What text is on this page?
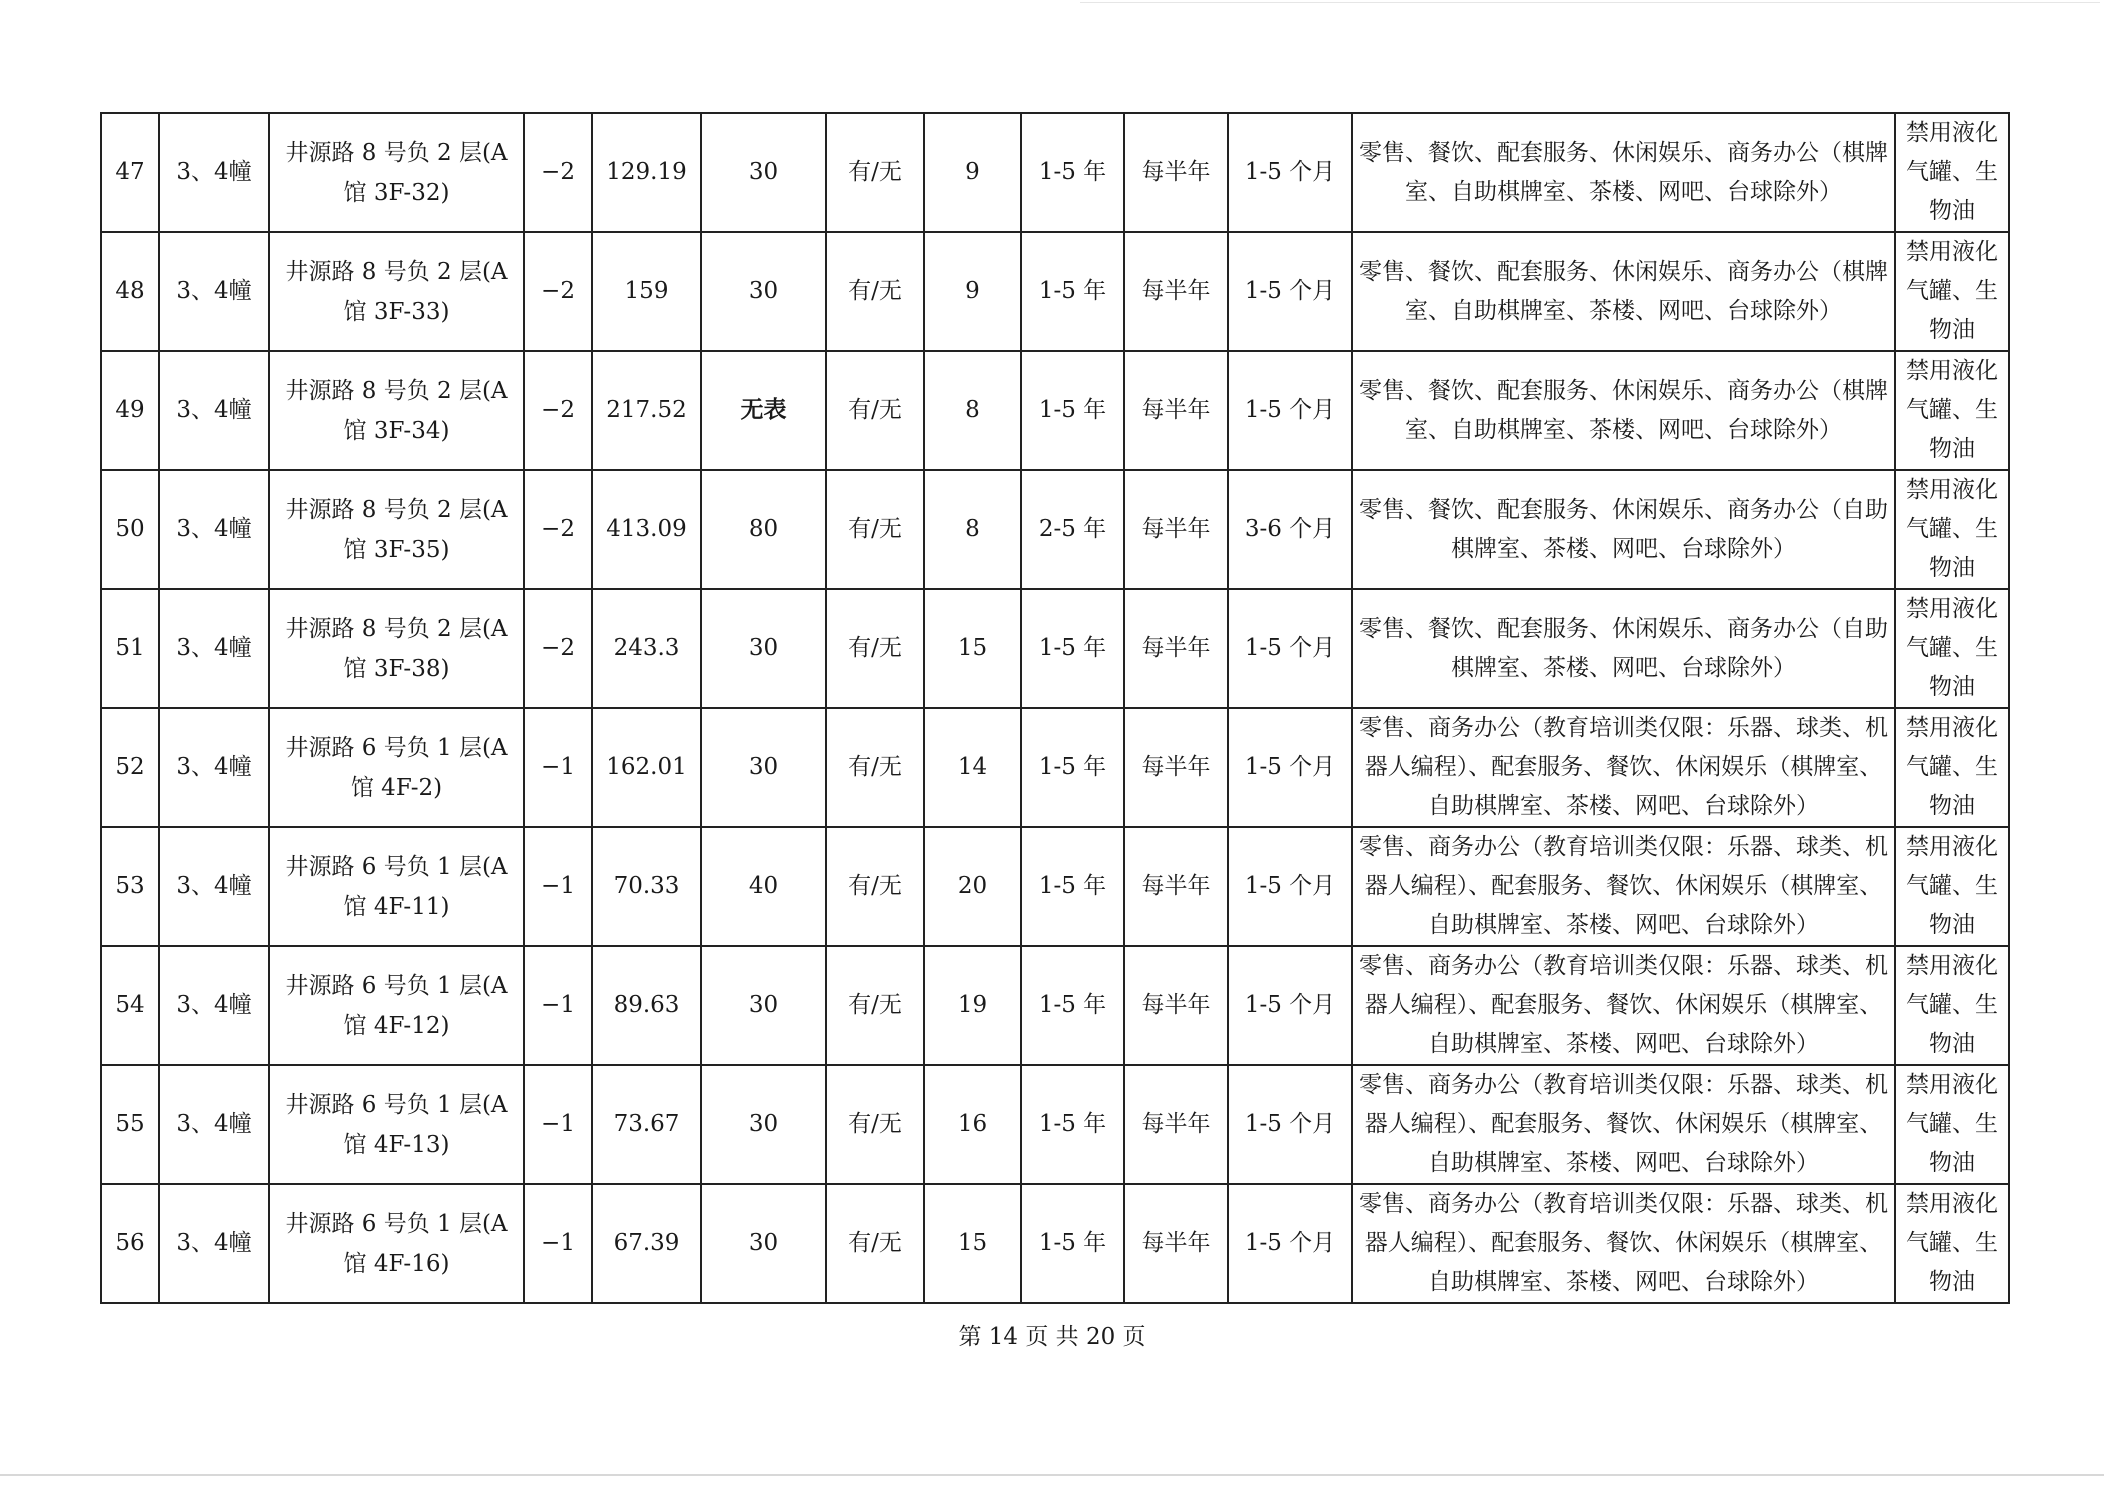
47	3、4幢	井源路 8 号负 2 层(A 馆 3F-32)	−2	129.19	30	有/无	9	1-5 年	每半年	1-5 个月	零售、餐饮、配套服务、休闲娱乐、商务办公（棋牌室、自助棋牌室、茶楼、网吧、台球除外）	禁用液化气罐、生物油
48	3、4幢	井源路 8 号负 2 层(A 馆 3F-33)	−2	159	30	有/无	9	1-5 年	每半年	1-5 个月	零售、餐饮、配套服务、休闲娱乐、商务办公（棋牌室、自助棋牌室、茶楼、网吧、台球除外）	禁用液化气罐、生物油
49	3、4幢	井源路 8 号负 2 层(A 馆 3F-34)	−2	217.52	无表	有/无	8	1-5 年	每半年	1-5 个月	零售、餐饮、配套服务、休闲娱乐、商务办公（棋牌室、自助棋牌室、茶楼、网吧、台球除外）	禁用液化气罐、生物油
50	3、4幢	井源路 8 号负 2 层(A 馆 3F-35)	−2	413.09	80	有/无	8	2-5 年	每半年	3-6 个月	零售、餐饮、配套服务、休闲娱乐、商务办公（自助棋牌室、茶楼、网吧、台球除外）	禁用液化气罐、生物油
51	3、4幢	井源路 8 号负 2 层(A 馆 3F-38)	−2	243.3	30	有/无	15	1-5 年	每半年	1-5 个月	零售、餐饮、配套服务、休闲娱乐、商务办公（自助棋牌室、茶楼、网吧、台球除外）	禁用液化气罐、生物油
52	3、4幢	井源路 6 号负 1 层(A 馆 4F-2)	−1	162.01	30	有/无	14	1-5 年	每半年	1-5 个月	零售、商务办公（教育培训类仅限：乐器、球类、机器人编程）、配套服务、餐饮、休闲娱乐（棋牌室、自助棋牌室、茶楼、网吧、台球除外）	禁用液化气罐、生物油
53	3、4幢	井源路 6 号负 1 层(A 馆 4F-11)	−1	70.33	40	有/无	20	1-5 年	每半年	1-5 个月	零售、商务办公（教育培训类仅限：乐器、球类、机器人编程）、配套服务、餐饮、休闲娱乐（棋牌室、自助棋牌室、茶楼、网吧、台球除外）	禁用液化气罐、生物油
54	3、4幢	井源路 6 号负 1 层(A 馆 4F-12)	−1	89.63	30	有/无	19	1-5 年	每半年	1-5 个月	零售、商务办公（教育培训类仅限：乐器、球类、机器人编程）、配套服务、餐饮、休闲娱乐（棋牌室、自助棋牌室、茶楼、网吧、台球除外）	禁用液化气罐、生物油
55	3、4幢	井源路 6 号负 1 层(A 馆 4F-13)	−1	73.67	30	有/无	16	1-5 年	每半年	1-5 个月	零售、商务办公（教育培训类仅限：乐器、球类、机器人编程）、配套服务、餐饮、休闲娱乐（棋牌室、自助棋牌室、茶楼、网吧、台球除外）	禁用液化气罐、生物油
56	3、4幢	井源路 6 号负 1 层(A 馆 4F-16)	−1	67.39	30	有/无	15	1-5 年	每半年	1-5 个月	零售、商务办公（教育培训类仅限：乐器、球类、机器人编程）、配套服务、餐饮、休闲娱乐（棋牌室、自助棋牌室、茶楼、网吧、台球除外）	禁用液化气罐、生物油
第 14 页 共 20 页
